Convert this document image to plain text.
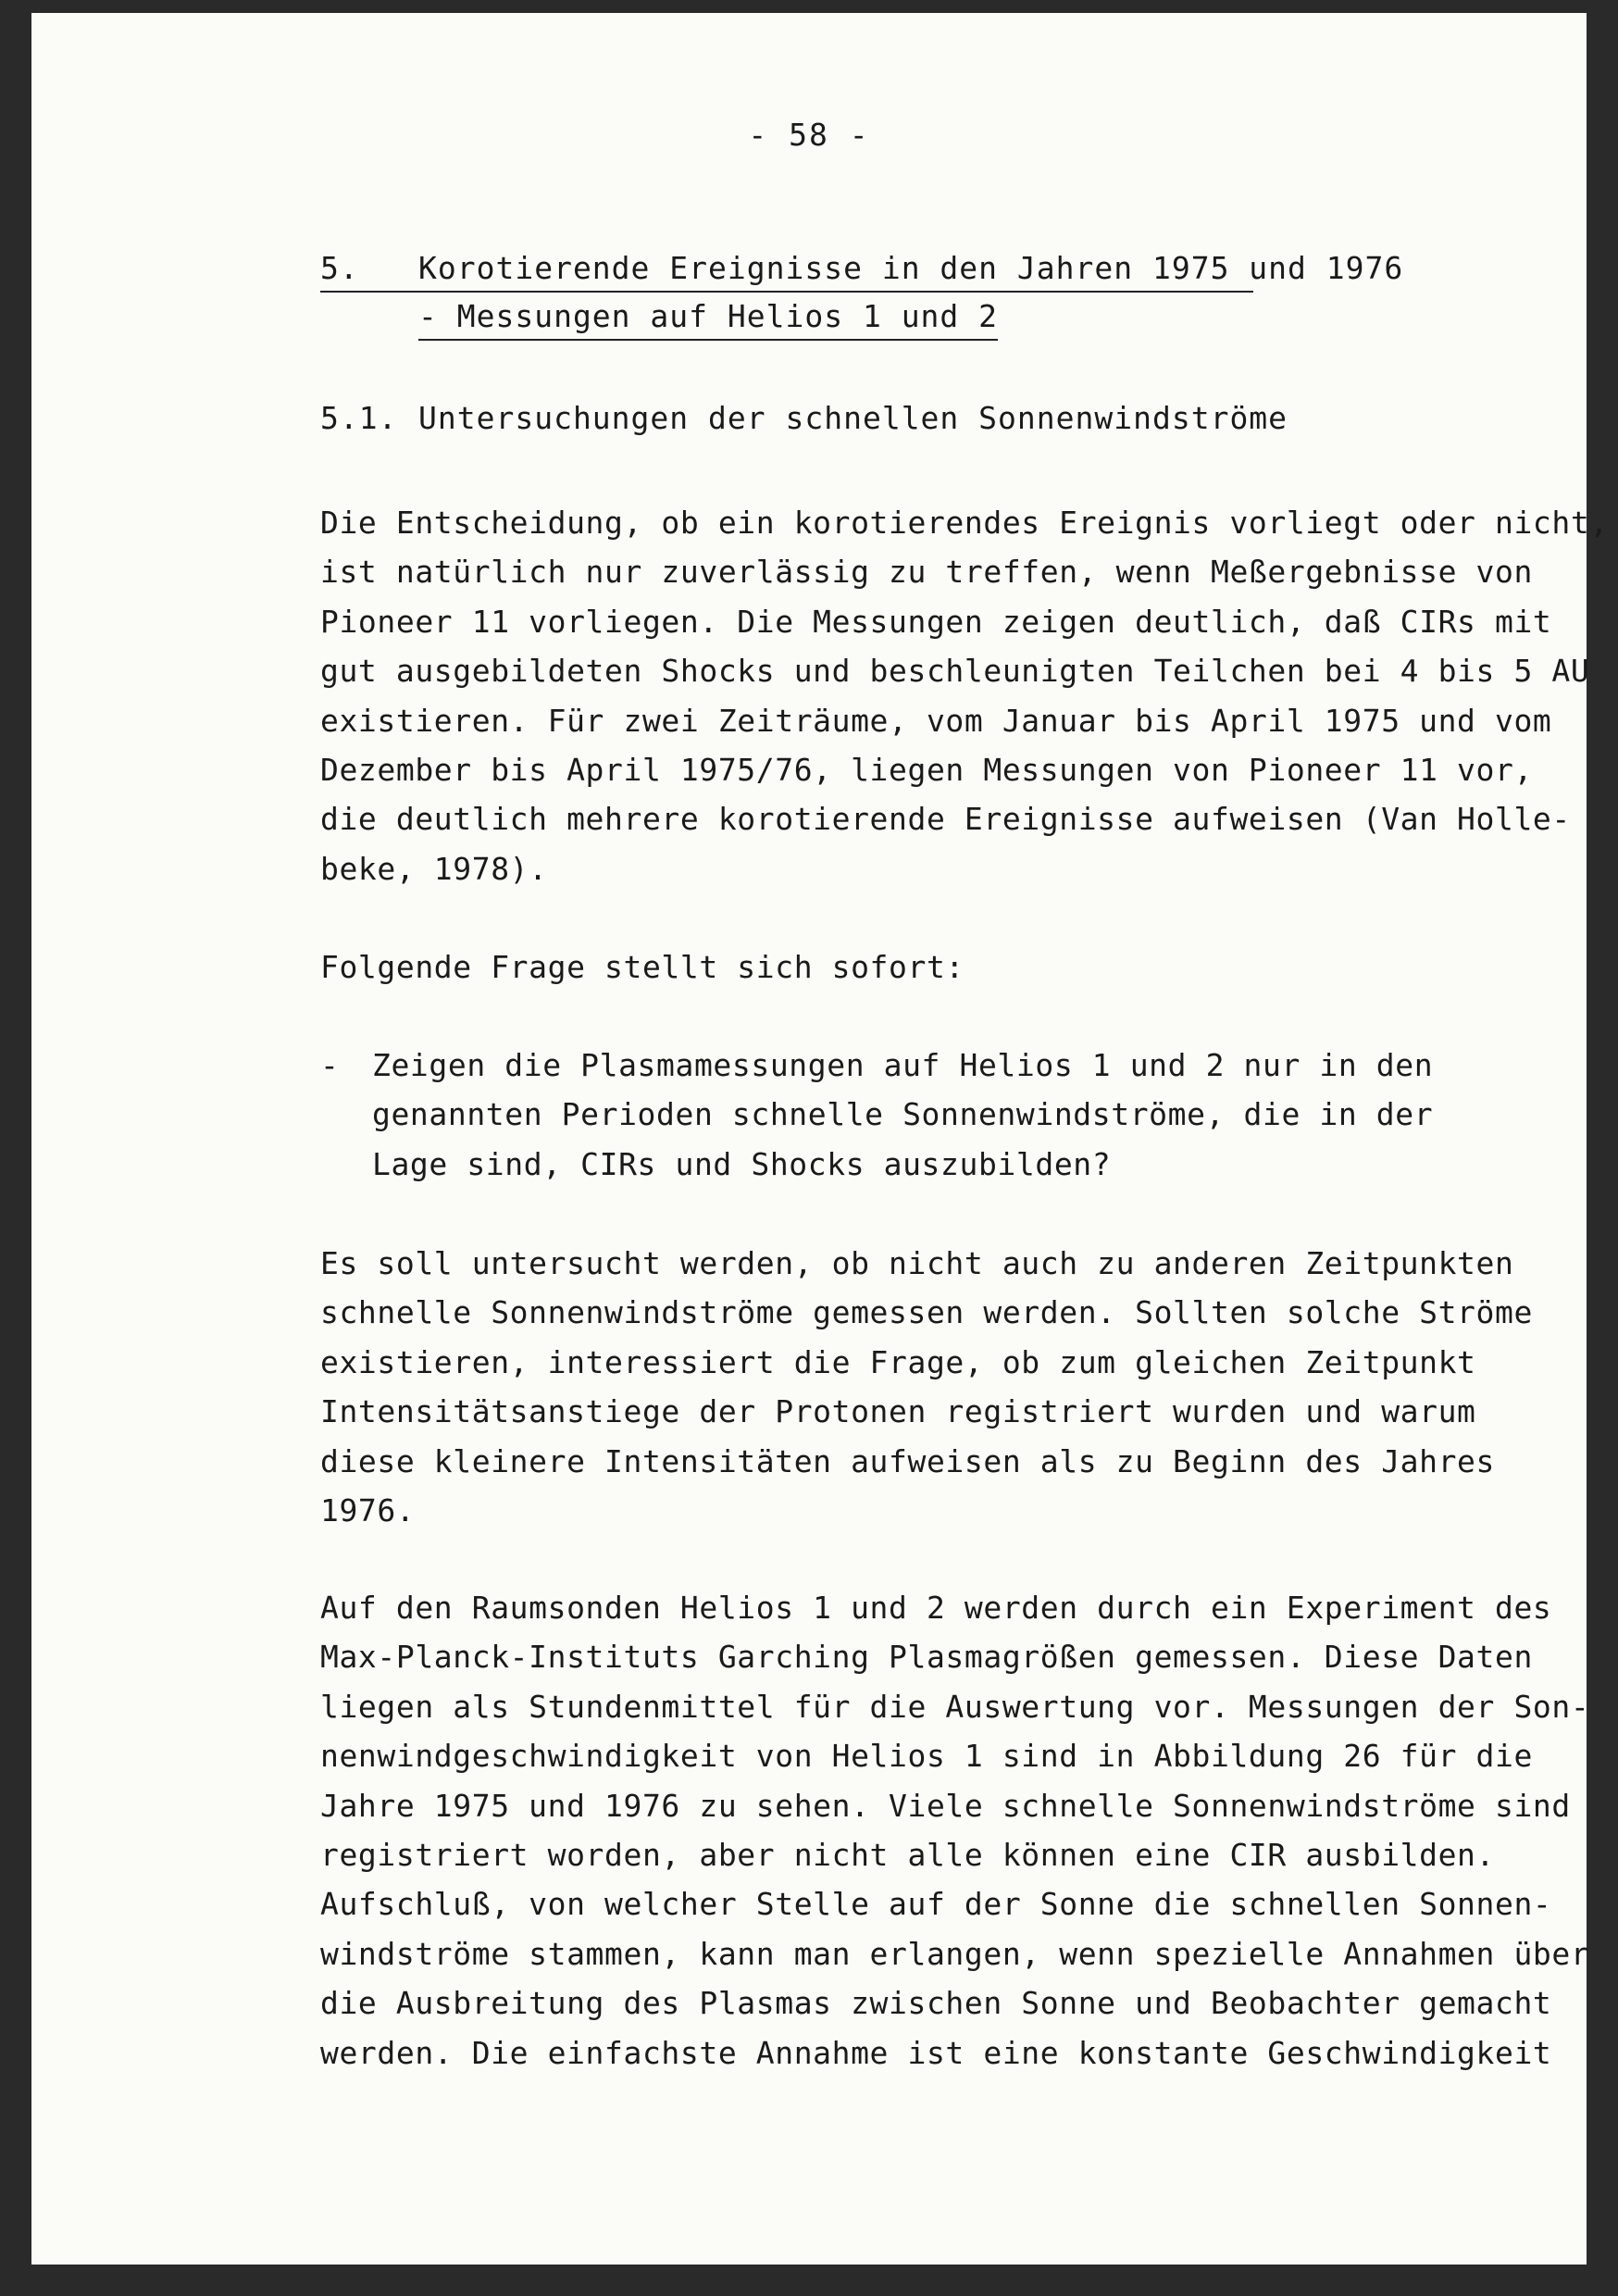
- 58 -
5. Korotierende Ereignisse in den Jahren 1975 und 1976
- Messungen auf Helios 1 und 2
5.1. Untersuchungen der schnellen Sonnenwindströme

Die Entscheidung, ob ein korotierendes Ereignis vorliegt oder nicht,
ist natürlich nur zuverlässig zu treffen, wenn Meßergebnisse von
Pioneer 11 vorliegen. Die Messungen zeigen deutlich, daß CIRs mit
gut ausgebildeten Shocks und beschleunigten Teilchen bei 4 bis 5 AU
existieren. Für zwei Zeiträume, vom Januar bis April 1975 und vom
Dezember bis April 1975/76, liegen Messungen von Pioneer 11 vor,
die deutlich mehrere korotierende Ereignisse aufweisen (Van Holle-
beke, 1978).

Folgende Frage stellt sich sofort:

-	Zeigen die Plasmamessungen auf Helios 1 und 2 nur in den
genannten Perioden schnelle Sonnenwindströme, die in der
Lage sind, CIRs und Shocks auszubilden?

Es soll untersucht werden, ob nicht auch zu anderen Zeitpunkten
schnelle Sonnenwindströme gemessen werden. Sollten solche Ströme
existieren, interessiert die Frage, ob zum gleichen Zeitpunkt
Intensitätsanstiege der Protonen registriert wurden und warum
diese kleinere Intensitäten aufweisen als zu Beginn des Jahres
1976.

Auf den Raumsonden Helios 1 und 2 werden durch ein Experiment des
Max-Planck-Instituts Garching Plasmagrößen gemessen. Diese Daten
liegen als Stundenmittel für die Auswertung vor. Messungen der Son-
nenwindgeschwindigkeit von Helios 1 sind in Abbildung 26 für die
Jahre 1975 und 1976 zu sehen. Viele schnelle Sonnenwindströme sind
registriert worden, aber nicht alle können eine CIR ausbilden.
Aufschluß, von welcher Stelle auf der Sonne die schnellen Sonnen-
windströme stammen, kann man erlangen, wenn spezielle Annahmen über
die Ausbreitung des Plasmas zwischen Sonne und Beobachter gemacht
werden. Die einfachste Annahme ist eine konstante Geschwindigkeit
